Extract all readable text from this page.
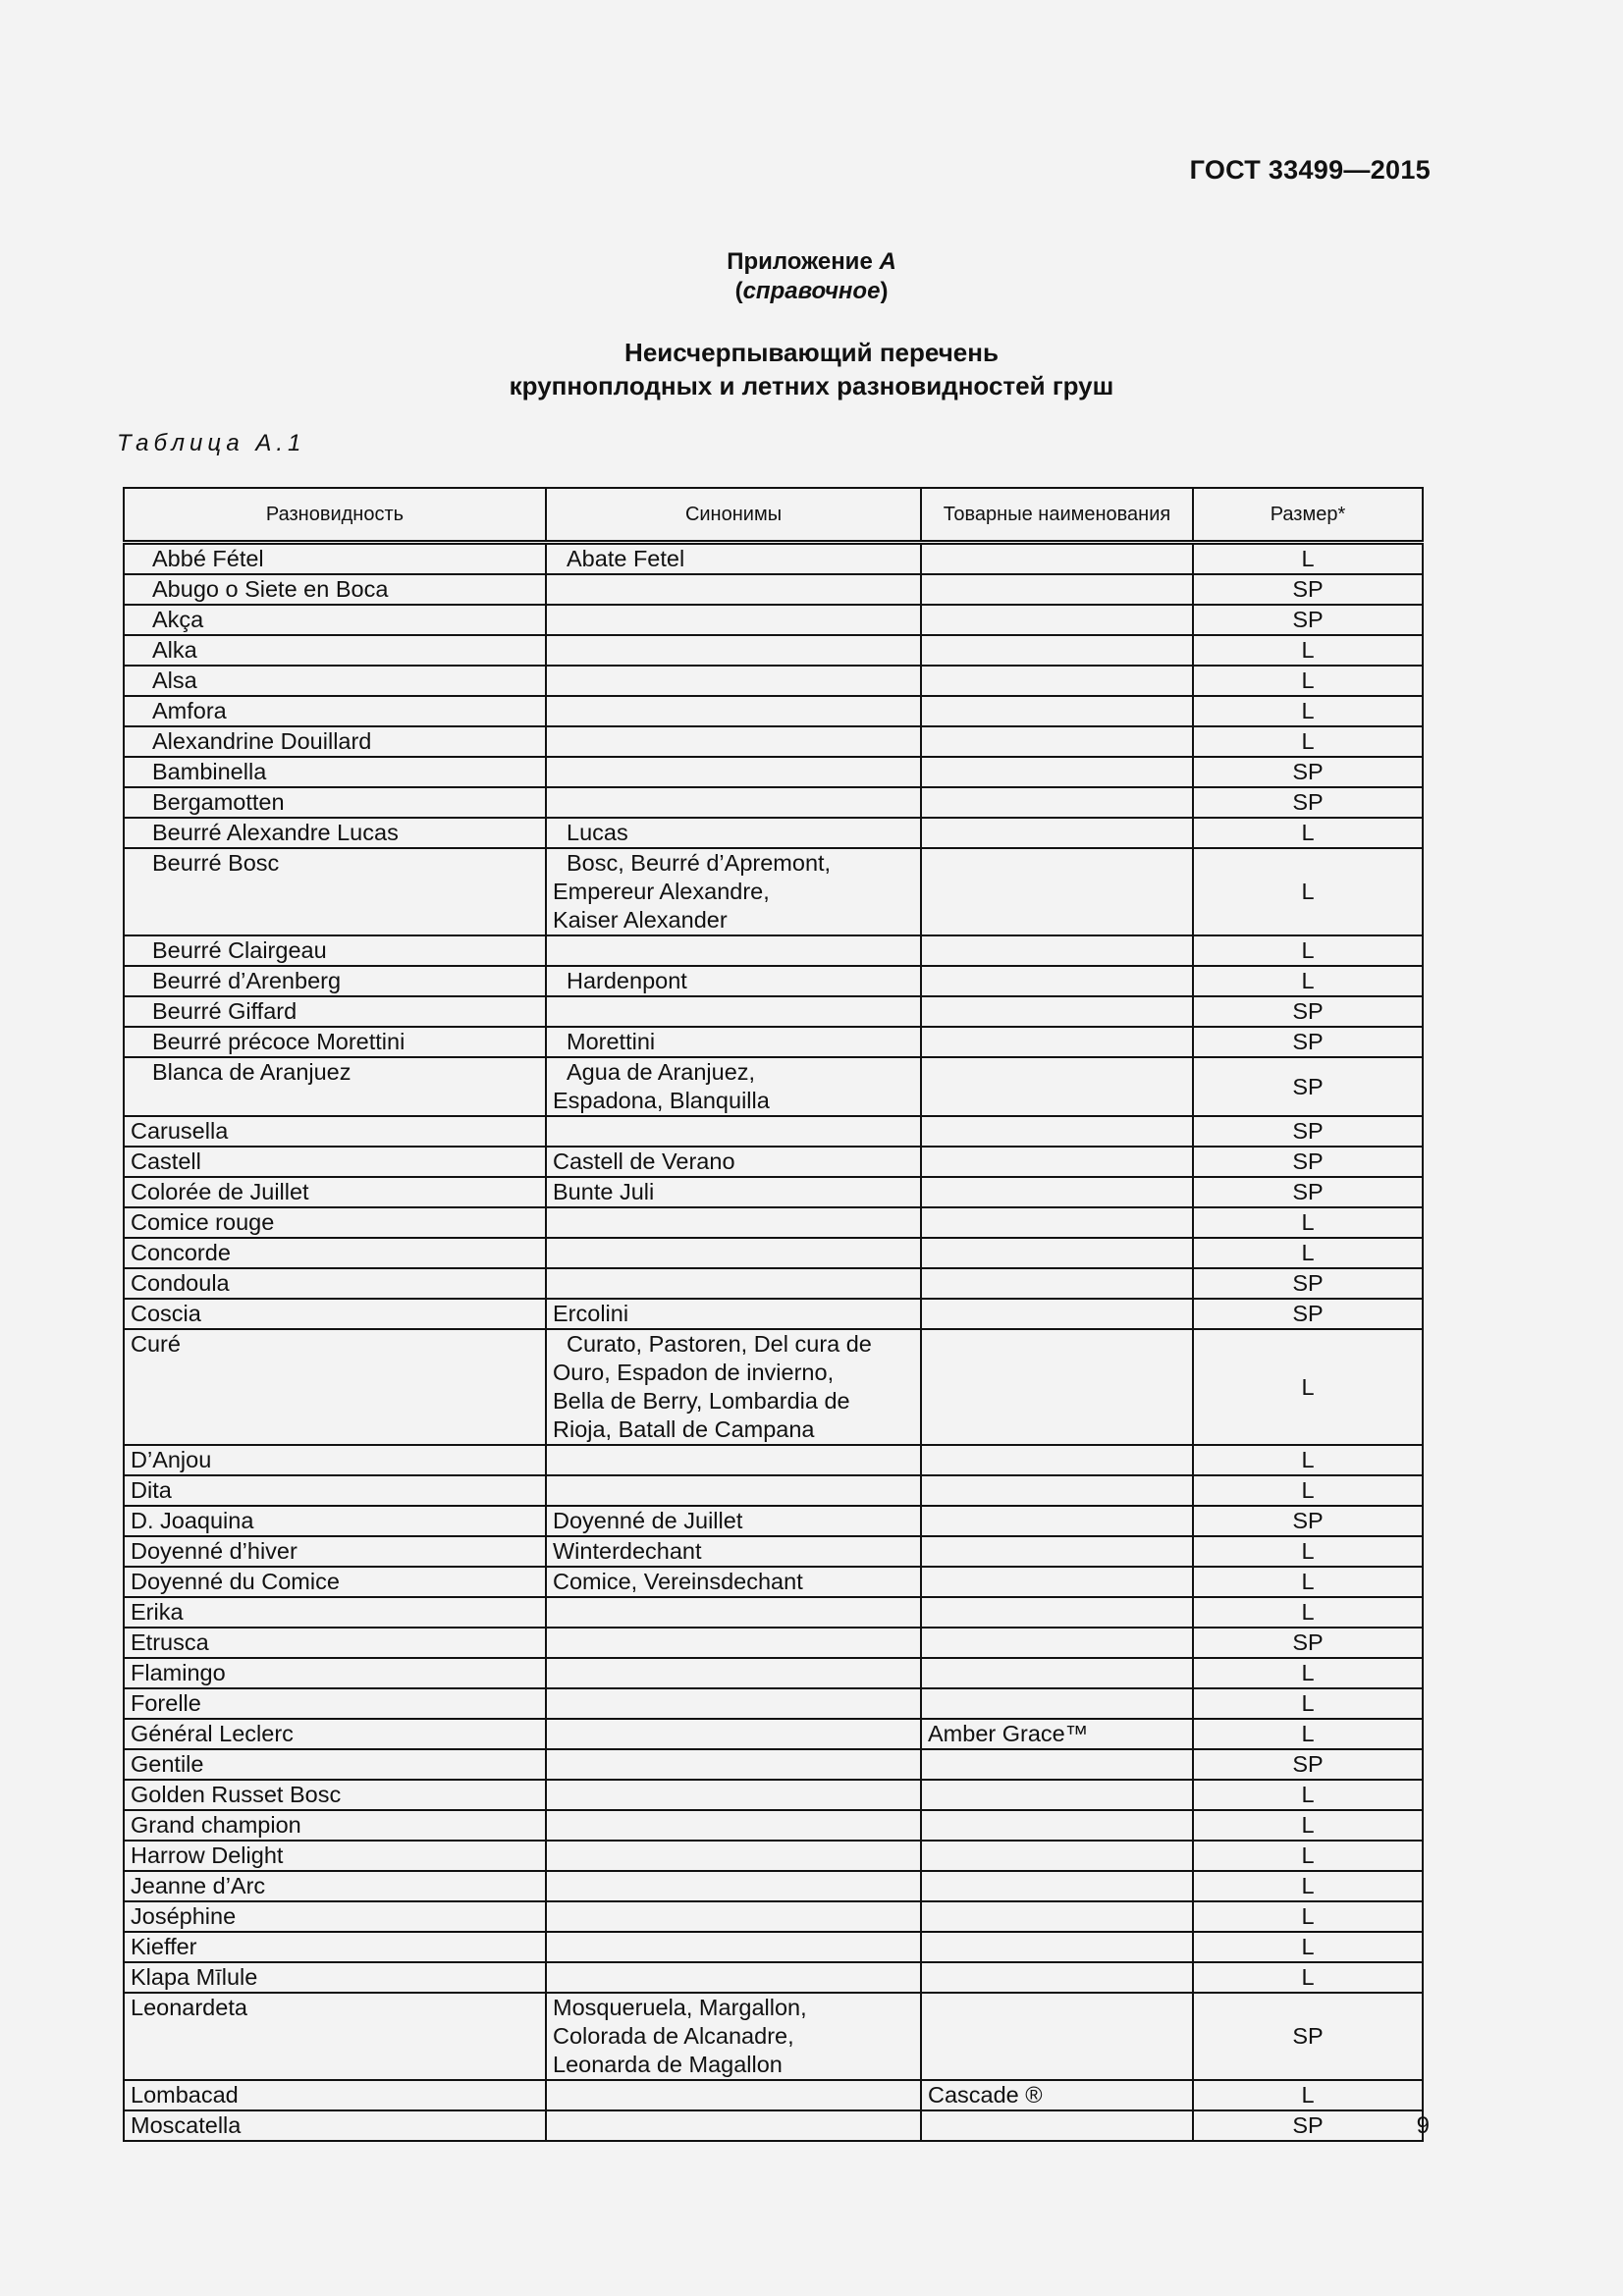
ГОСТ 33499—2015
Приложение А
(справочное)
Неисчерпывающий перечень
крупноплодных и летних разновидностей груш
Таблица А.1
Разновидность	Синонимы	Товарные наименования	Размер*
Abbé Fétel	Abate Fetel		L
Abugo o Siete en Boca			SP
Akça			SP
Alka			L
Alsa			L
Amfora			L
Alexandrine Douillard			L
Bambinella			SP
Bergamotten			SP
Beurré Alexandre Lucas	Lucas		L
Beurré Bosc	Bosc, Beurré d’Apremont,
Empereur Alexandre,
Kaiser Alexander		L
Beurré Clairgeau			L
Beurré d’Arenberg	Hardenpont		L
Beurré Giffard			SP
Beurré précoce Morettini	Morettini		SP
Blanca de Aranjuez	Agua de Aranjuez,
Espadona, Blanquilla		SP
Carusella			SP
Castell	Castell de Verano		SP
Colorée de Juillet	Bunte Juli		SP
Comice rouge			L
Concorde			L
Condoula			SP
Coscia	Ercolini		SP
Curé	Curato, Pastoren, Del cura de
Ouro, Espadon de invierno,
Bella de Berry, Lombardia de
Rioja, Batall de Campana		L
D’Anjou			L
Dita			L
D. Joaquina	Doyenné de Juillet		SP
Doyenné d’hiver	Winterdechant		L
Doyenné du Comice	Comice, Vereinsdechant		L
Erika			L
Etrusca			SP
Flamingo			L
Forelle			L
Général Leclerc		Amber Grace™	L
Gentile			SP
Golden Russet Bosc			L
Grand champion			L
Harrow Delight			L
Jeanne d’Arc			L
Joséphine			L
Kieffer			L
Klapa Mīlule			L
Leonardeta	Mosqueruela, Margallon,
Colorada de Alcanadre,
Leonarda de Magallon		SP
Lombacad		Cascade ®	L
Moscatella			SP	9
